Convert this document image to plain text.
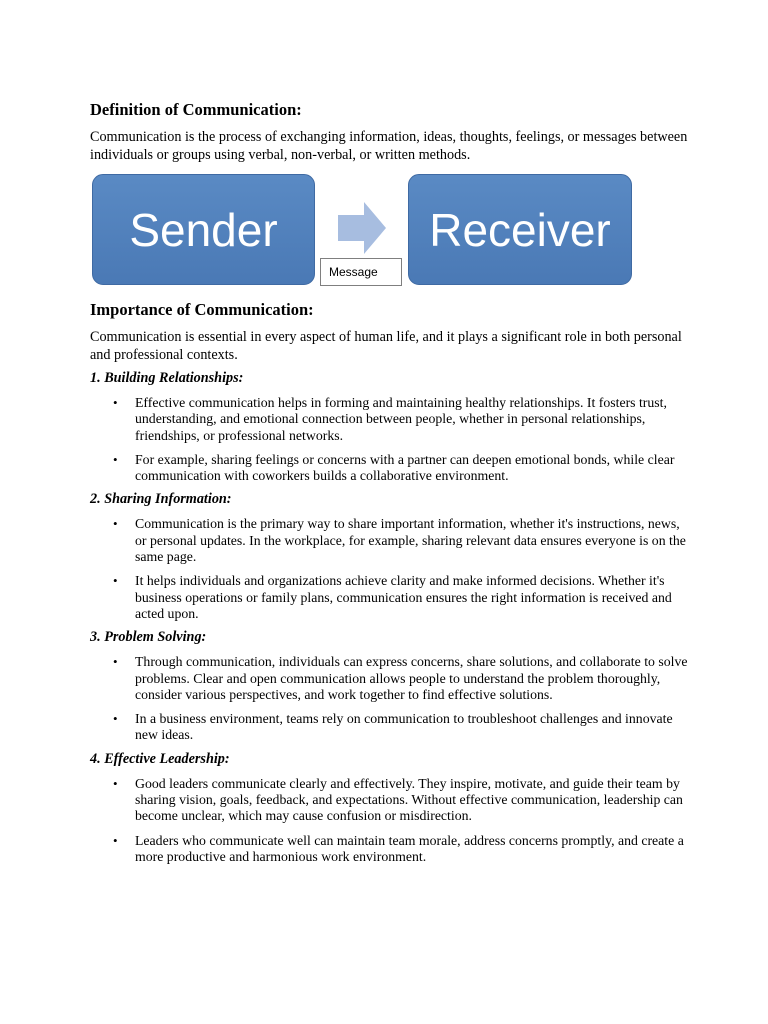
Definition of Communication:

Communication is the process of exchanging information, ideas, thoughts, feelings, or messages between individuals or groups using verbal, non-verbal, or written methods.

Sender
Message
Receiver

Importance of Communication:

Communication is essential in every aspect of human life, and it plays a significant role in both personal and professional contexts.

1. Building Relationships:

• Effective communication helps in forming and maintaining healthy relationships. It fosters trust, understanding, and emotional connection between people, whether in personal relationships, friendships, or professional networks.
• For example, sharing feelings or concerns with a partner can deepen emotional bonds, while clear communication with coworkers builds a collaborative environment.

2. Sharing Information:

• Communication is the primary way to share important information, whether it's instructions, news, or personal updates. In the workplace, for example, sharing relevant data ensures everyone is on the same page.
• It helps individuals and organizations achieve clarity and make informed decisions. Whether it's business operations or family plans, communication ensures the right information is received and acted upon.

3. Problem Solving:

• Through communication, individuals can express concerns, share solutions, and collaborate to solve problems. Clear and open communication allows people to understand the problem thoroughly, consider various perspectives, and work together to find effective solutions.
• In a business environment, teams rely on communication to troubleshoot challenges and innovate new ideas.

4. Effective Leadership:

• Good leaders communicate clearly and effectively. They inspire, motivate, and guide their team by sharing vision, goals, feedback, and expectations. Without effective communication, leadership can become unclear, which may cause confusion or misdirection.
• Leaders who communicate well can maintain team morale, address concerns promptly, and create a more productive and harmonious work environment.
